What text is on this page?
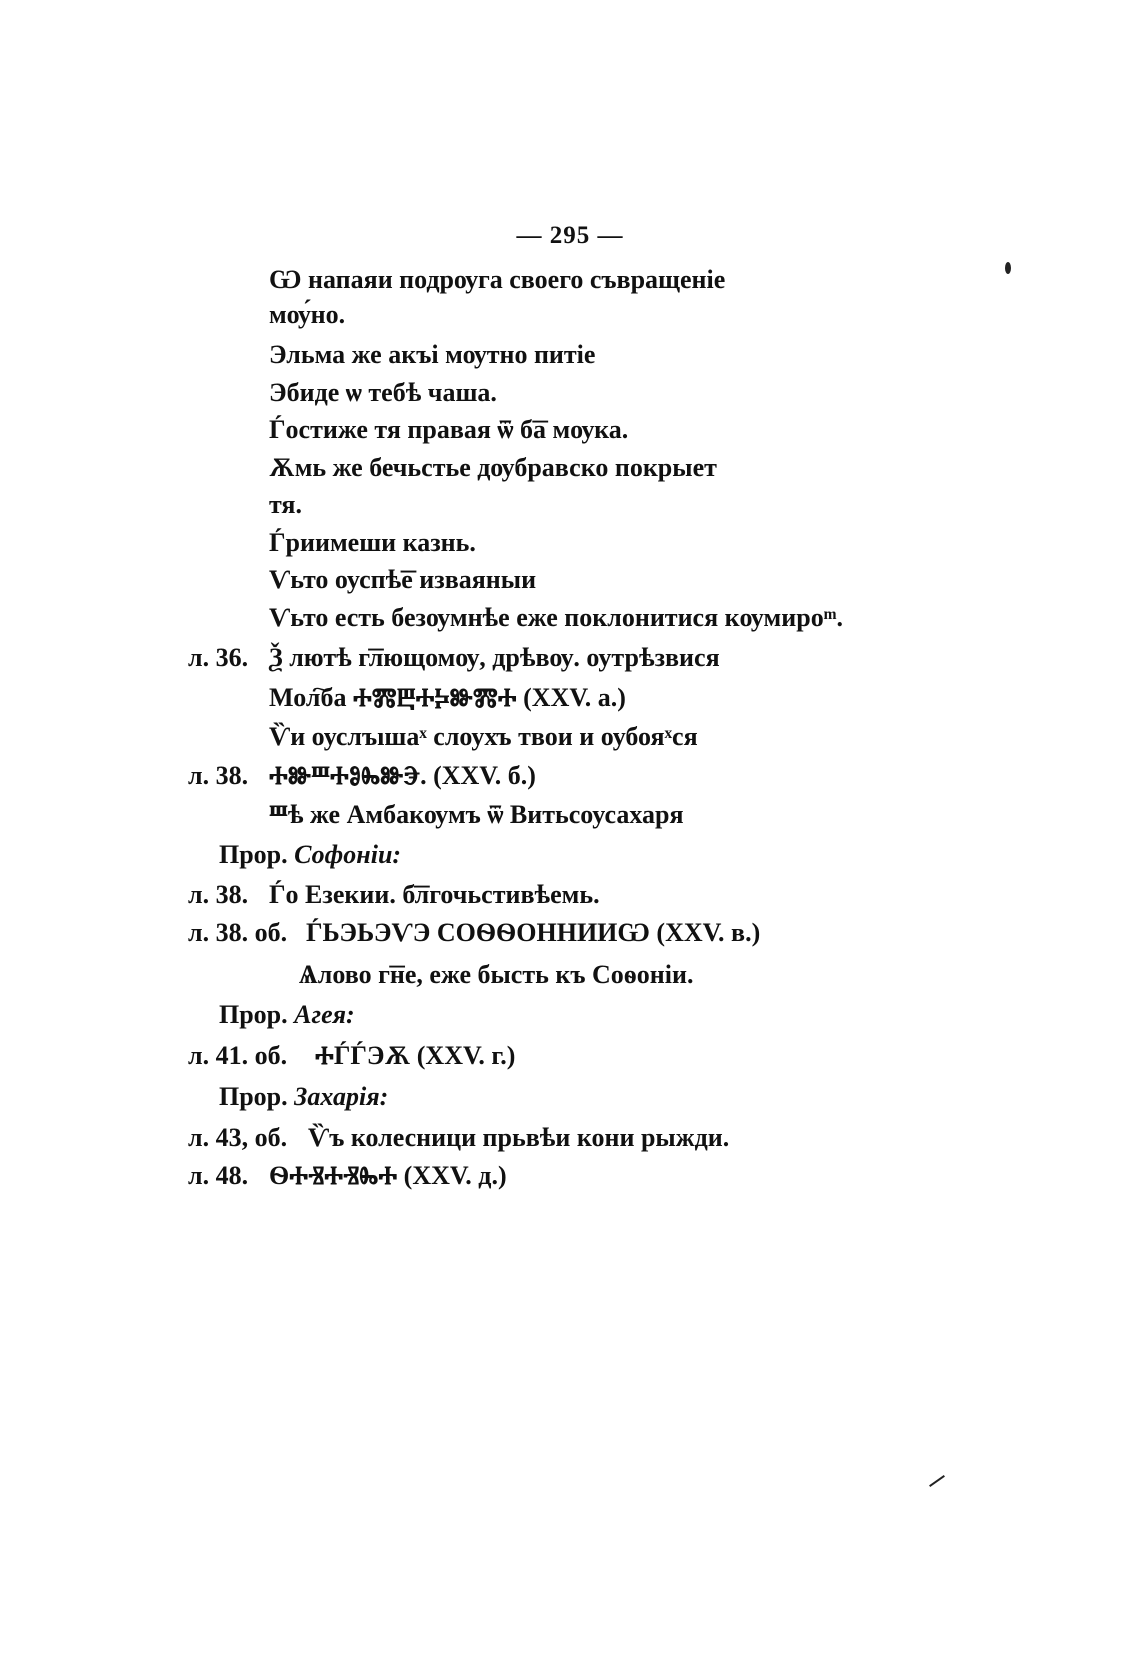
— 295 —
Ѡ напаяи подрѹга своего съвращеніе
мѹ́но.
Эльма же акъі мѹтно питіе
Эбиде ѡ тебѣ чаша.
Ѓостиже тя правая ѿ б͞а мѹка.
Ѫмь же бечьстье дѹбравско покрыет
тя.
Ѓриимеши казнь.
Ѵьто оуспѣ͞е изваяныи
Ѵьто есть безѹмнѣе еже поклонитися кѹмиро͏ᵐ.
л. 36. Ѯ лютѣ г͞лющомѹ, дрѣвѹ. оутрѣзвися
Мол҇ба ⰀⰏⰁⰀⰍⰖⰏⰀ (XXV. а.)
Ѷи оуслъıша͏ˣ слоухъ твои и оубоя͏ˣся
л. 38. ⰀⰖⰞⰀⰑⰈⰖⰅ. (XXV. б.)
Ⱎѣ же Амбакѹмъ ѿ Витьсоусахаря
Прор. Софоніи:
л. 38. Ѓо Езекии. б͞лгочьстивѣемь.
л. 38. об. ЃЬЭЬЭѴЭ СОѲѲОННИИѠ (XXV. в.)
Ѧлово г͞не, еже бысть къ Соѳоніи.
Прор. Агея:
л. 41. об. ⰀЃЃЭѪ (XXV. г.)
Прор. Захарія:
л. 43, об. Ѷъ колесници прьвѣи кони рыжди.
л. 48. ѲⰀⰠⰀⰠⰈⰀ (XXV. д.)
